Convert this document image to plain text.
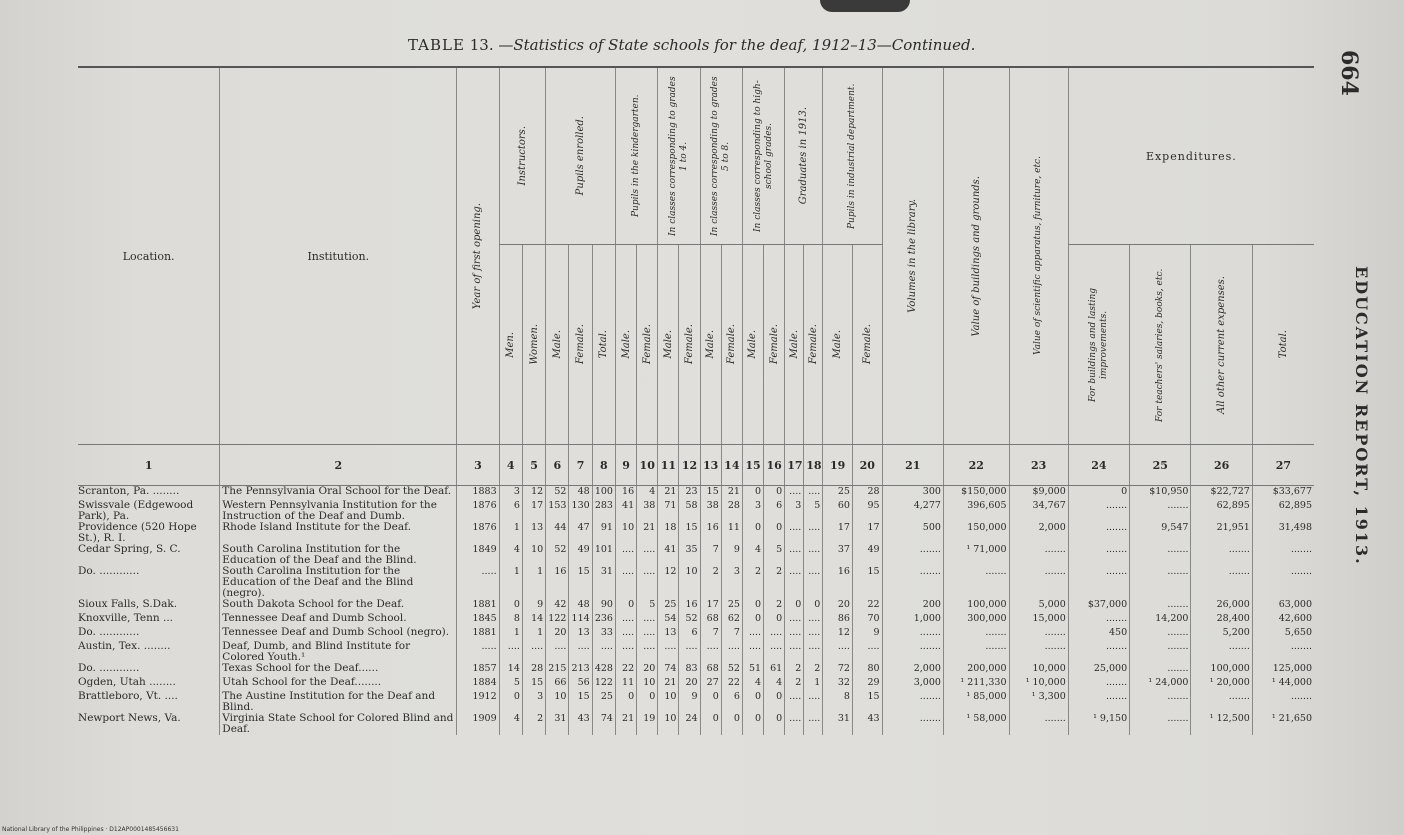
TABLE 13. —Statistics of State schools for the deaf, 1912–13—Continued.
664
EDUCATION REPORT, 1913.
Location.	Institution.	Year of first opening.	Instructors.		Pupils enrolled.			Pupils in the kindergarten.		In classes corresponding to grades 1 to 4.		In classes corresponding to grades 5 to 8.		In classes corresponding to high-school grades.		Graduates in 1913.		Pupils in industrial department.		Volumes in the library.	Value of buildings and grounds.	Value of scientific apparatus, furniture, etc.	Expenditures.			

			Men.	Women.	Male.	Female.	Total.	Male.	Female.	Male.	Female.	Male.	Female.	Male.	Female.	Male.	Female.	Male.	Female.				For buildings and lasting improvements.	For teachers' salaries, books, etc.	All other current expenses.	Total.

1	2	3	4	5	6	7	8	9	10	11	12	13	14	15	16	17	18	19	20	21	22	23	24	25	26	27
Scranton, Pa. ........	The Pennsylvania Oral School for the Deaf.	1883	3	12	52	48	100	16	4	21	23	15	21	0	0	....	....	25	28	300	$150,000	$9,000	0	$10,950	$22,727	$33,677
Swissvale (Edgewood Park), Pa.	Western Pennsylvania Institution for the Instruction of the Deaf and Dumb.	1876	6	17	153	130	283	41	38	71	58	38	28	3	6	3	5	60	95	4,277	396,605	34,767	.......	.......	62,895	62,895
Providence (520 Hope St.), R. I.	Rhode Island Institute for the Deaf.	1876	1	13	44	47	91	10	21	18	15	16	11	0	0	....	....	17	17	500	150,000	2,000	.......	9,547	21,951	31,498
Cedar Spring, S. C.	South Carolina Institution for the Education of the Deaf and the Blind.	1849	4	10	52	49	101	....	....	41	35	7	9	4	5	....	....	37	49	.......	¹ 71,000	.......	.......	.......	.......	.......
Do. ............	South Carolina Institution for the Education of the Deaf and the Blind (negro).	.....	1	1	16	15	31	....	....	12	10	2	3	2	2	....	....	16	15	.......	.......	.......	.......	.......	.......	.......
Sioux Falls, S.Dak.	South Dakota School for the Deaf.	1881	0	9	42	48	90	0	5	25	16	17	25	0	2	0	0	20	22	200	100,000	5,000	$37,000	.......	26,000	63,000
Knoxville, Tenn ...	Tennessee Deaf and Dumb School.	1845	8	14	122	114	236	....	....	54	52	68	62	0	0	....	....	86	70	1,000	300,000	15,000	.......	14,200	28,400	42,600
Do. ............	Tennessee Deaf and Dumb School (negro).	1881	1	1	20	13	33	....	....	13	6	7	7	....	....	....	....	12	9	.......	.......	.......	450	.......	5,200	5,650
Austin, Tex. ........	Deaf, Dumb, and Blind Institute for Colored Youth.¹	.....	....	....	....	....	....	....	....	....	....	....	....	....	....	....	....	....	....	.......	.......	.......	.......	.......	.......	.......
Do. ............	Texas School for the Deaf......	1857	14	28	215	213	428	22	20	74	83	68	52	51	61	2	2	72	80	2,000	200,000	10,000	25,000	.......	100,000	125,000
Ogden, Utah ........	Utah School for the Deaf........	1884	5	15	66	56	122	11	10	21	20	27	22	4	4	2	1	32	29	3,000	¹ 211,330	¹ 10,000	.......	¹ 24,000	¹ 20,000	¹ 44,000
Brattleboro, Vt. ....	The Austine Institution for the Deaf and Blind.	1912	0	3	10	15	25	0	0	10	9	0	6	0	0	....	....	8	15	.......	¹ 85,000	¹ 3,300	.......	.......	.......	.......
Newport News, Va.	Virginia State School for Colored Blind and Deaf.	1909	4	2	31	43	74	21	19	10	24	0	0	0	0	....	....	31	43	.......	¹ 58,000	.......	¹ 9,150	.......	¹ 12,500	¹ 21,650
National Library of the Philippines · D12AP0001485456631
